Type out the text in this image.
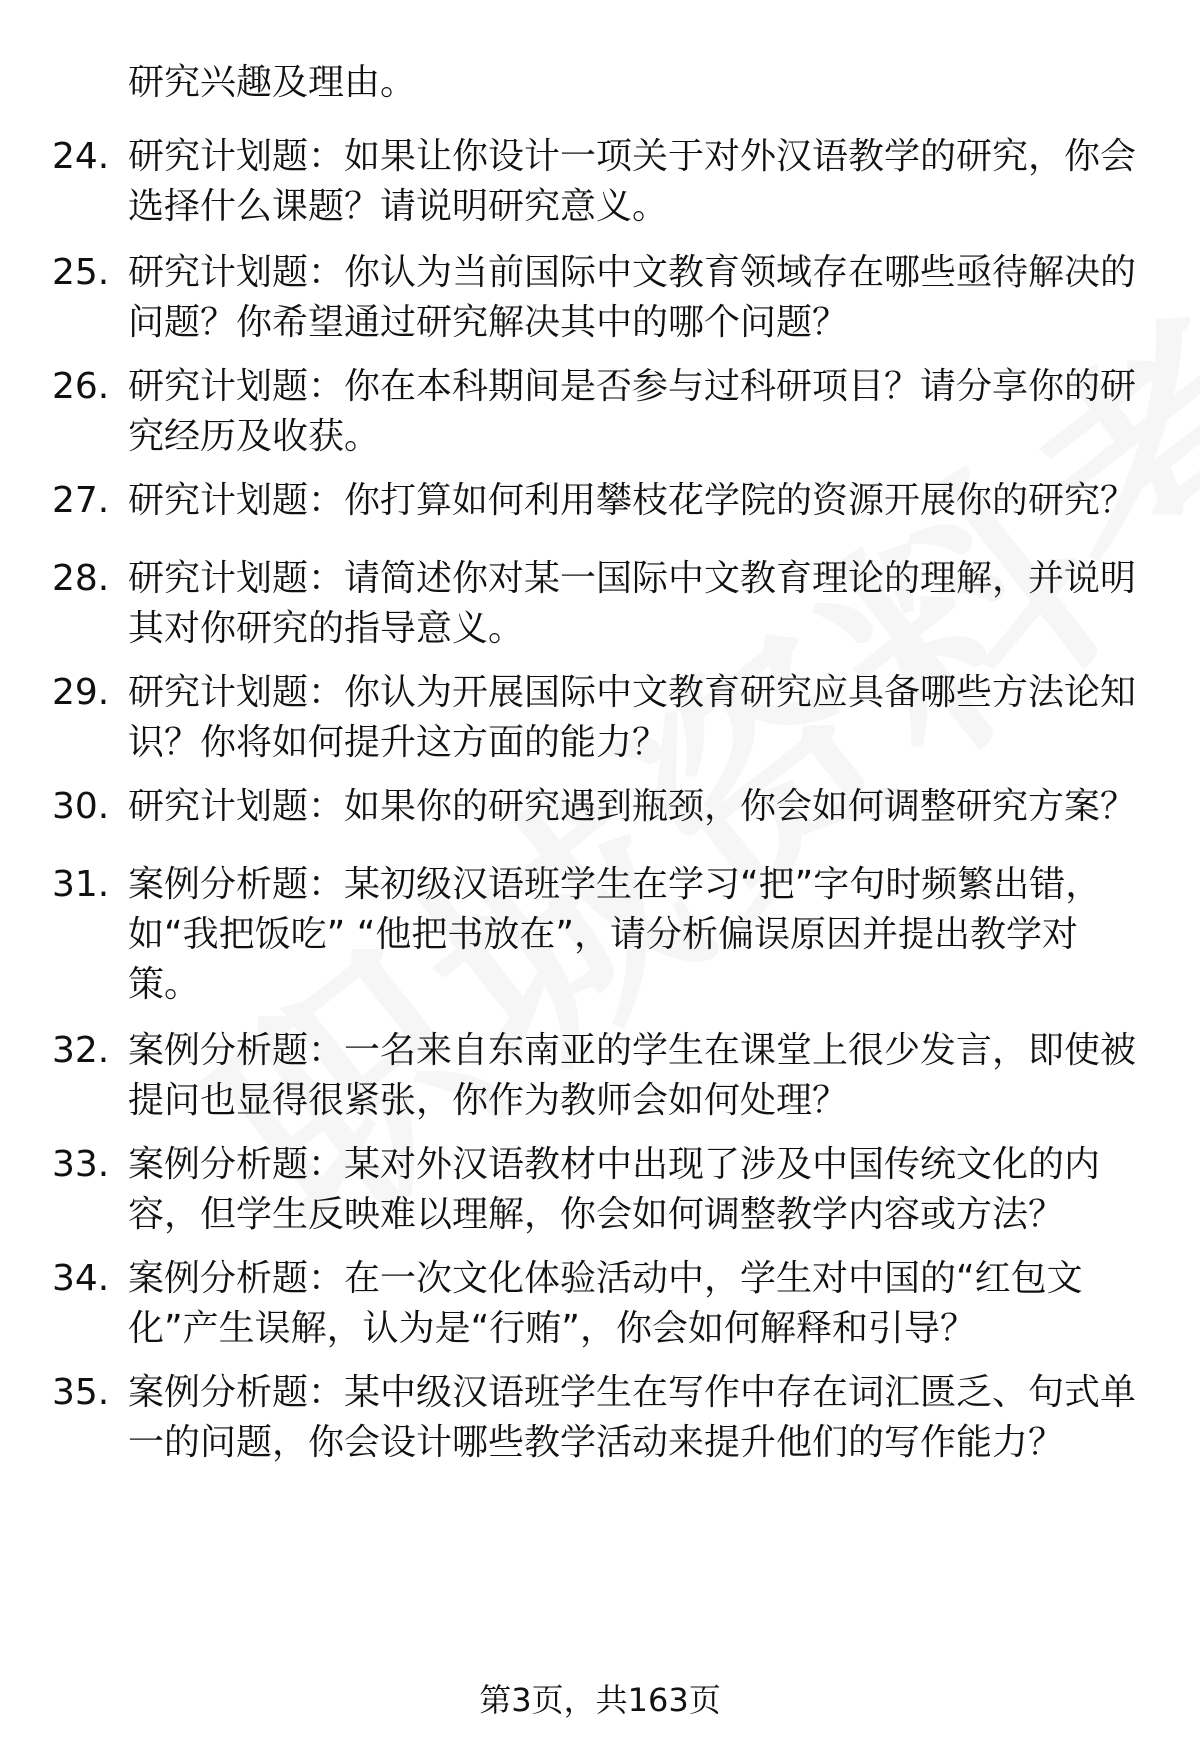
研究兴趣及理由。
24. 研究计划题：如果让你设计一项关于对外汉语教学的研究，你会选择什么课题？请说明研究意义。
25. 研究计划题：你认为当前国际中文教育领域存在哪些亟待解决的问题？你希望通过研究解决其中的哪个问题？
26. 研究计划题：你在本科期间是否参与过科研项目？请分享你的研究经历及收获。
27. 研究计划题：你打算如何利用攀枝花学院的资源开展你的研究？
28. 研究计划题：请简述你对某一国际中文教育理论的理解，并说明其对你研究的指导意义。
29. 研究计划题：你认为开展国际中文教育研究应具备哪些方法论知识？你将如何提升这方面的能力？
30. 研究计划题：如果你的研究遇到瓶颈，你会如何调整研究方案？
31. 案例分析题：某初级汉语班学生在学习“把”字句时频繁出错，如“我把饭吃” “他把书放在”，请分析偏误原因并提出教学对策。
32. 案例分析题：一名来自东南亚的学生在课堂上很少发言，即使被提问也显得很紧张，你作为教师会如何处理？
33. 案例分析题：某对外汉语教材中出现了涉及中国传统文化的内容，但学生反映难以理解，你会如何调整教学内容或方法？
34. 案例分析题：在一次文化体验活动中，学生对中国的“红包文化”产生误解，认为是“行贿”，你会如何解释和引导？
35. 案例分析题：某中级汉语班学生在写作中存在词汇匮乏、句式单一的问题，你会设计哪些教学活动来提升他们的写作能力？
第3页，共163页
